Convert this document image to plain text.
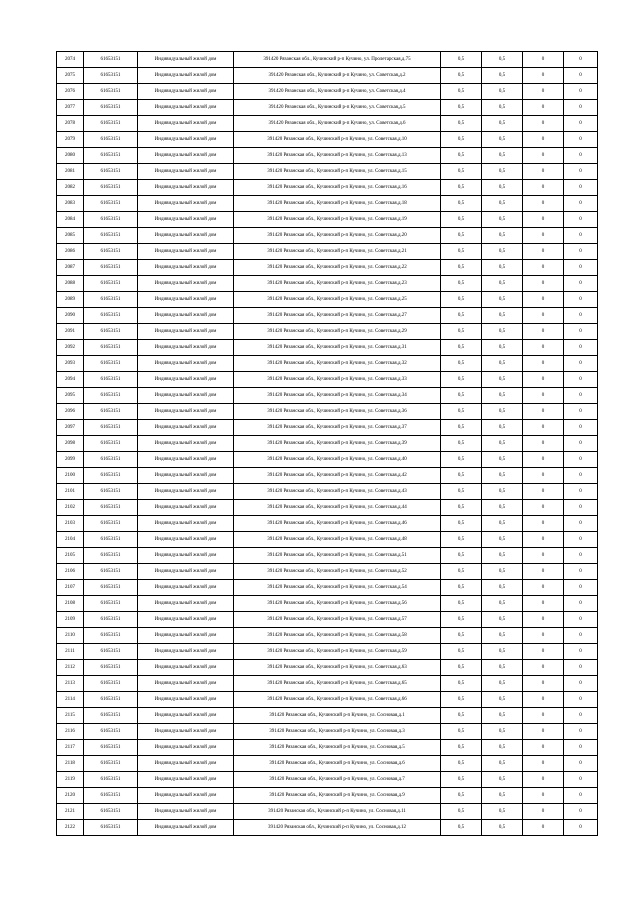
2074	61653151	Индивидуальный жилой дом	391420 Рязанская обл., Кучинский р-п Кучино, ул. Пролетарская,д.75	0,5	0,5	0	0
2075	61653151	Индивидуальный жилой дом	391420 Рязанская обл., Кучинский р-п Кучино, ул. Советская,д.2	0,5	0,5	0	0
2076	61653151	Индивидуальный жилой дом	391420 Рязанская обл., Кучинский р-п Кучино, ул. Советская,д.4	0,5	0,5	0	0
2077	61653151	Индивидуальный жилой дом	391420 Рязанская обл., Кучинский р-п Кучино, ул. Советская,д.5	0,5	0,5	0	0
2078	61653151	Индивидуальный жилой дом	391420 Рязанская обл., Кучинский р-п Кучино, ул. Советская,д.6	0,5	0,5	0	0
2079	61653151	Индивидуальный жилой дом	391420 Рязанская обл., Кучинский р-п Кучино, ул. Советская,д.10	0,5	0,5	0	0
2080	61653151	Индивидуальный жилой дом	391420 Рязанская обл., Кучинский р-п Кучино, ул. Советская,д.13	0,5	0,5	0	0
2081	61653151	Индивидуальный жилой дом	391420 Рязанская обл., Кучинский р-п Кучино, ул. Советская,д.15	0,5	0,5	0	0
2082	61653151	Индивидуальный жилой дом	391420 Рязанская обл., Кучинский р-п Кучино, ул. Советская,д.16	0,5	0,5	0	0
2083	61653151	Индивидуальный жилой дом	391420 Рязанская обл., Кучинский р-п Кучино, ул. Советская,д.18	0,5	0,5	0	0
2084	61653151	Индивидуальный жилой дом	391420 Рязанская обл., Кучинский р-п Кучино, ул. Советская,д.19	0,5	0,5	0	0
2085	61653151	Индивидуальный жилой дом	391420 Рязанская обл., Кучинский р-п Кучино, ул. Советская,д.20	0,5	0,5	0	0
2086	61653151	Индивидуальный жилой дом	391420 Рязанская обл., Кучинский р-п Кучино, ул. Советская,д.21	0,5	0,5	0	0
2087	61653151	Индивидуальный жилой дом	391420 Рязанская обл., Кучинский р-п Кучино, ул. Советская,д.22	0,5	0,5	0	0
2088	61653151	Индивидуальный жилой дом	391420 Рязанская обл., Кучинский р-п Кучино, ул. Советская,д.23	0,5	0,5	0	0
2089	61653151	Индивидуальный жилой дом	391420 Рязанская обл., Кучинский р-п Кучино, ул. Советская,д.25	0,5	0,5	0	0
2090	61653151	Индивидуальный жилой дом	391420 Рязанская обл., Кучинский р-п Кучино, ул. Советская,д.27	0,5	0,5	0	0
2091	61653151	Индивидуальный жилой дом	391420 Рязанская обл., Кучинский р-п Кучино, ул. Советская,д.29	0,5	0,5	0	0
2092	61653151	Индивидуальный жилой дом	391420 Рязанская обл., Кучинский р-п Кучино, ул. Советская,д.31	0,5	0,5	0	0
2093	61653151	Индивидуальный жилой дом	391420 Рязанская обл., Кучинский р-п Кучино, ул. Советская,д.32	0,5	0,5	0	0
2094	61653151	Индивидуальный жилой дом	391420 Рязанская обл., Кучинский р-п Кучино, ул. Советская,д.33	0,5	0,5	0	0
2095	61653151	Индивидуальный жилой дом	391420 Рязанская обл., Кучинский р-п Кучино, ул. Советская,д.34	0,5	0,5	0	0
2096	61653151	Индивидуальный жилой дом	391420 Рязанская обл., Кучинский р-п Кучино, ул. Советская,д.36	0,5	0,5	0	0
2097	61653151	Индивидуальный жилой дом	391420 Рязанская обл., Кучинский р-п Кучино, ул. Советская,д.37	0,5	0,5	0	0
2098	61653151	Индивидуальный жилой дом	391420 Рязанская обл., Кучинский р-п Кучино, ул. Советская,д.39	0,5	0,5	0	0
2099	61653151	Индивидуальный жилой дом	391420 Рязанская обл., Кучинский р-п Кучино, ул. Советская,д.40	0,5	0,5	0	0
2100	61653151	Индивидуальный жилой дом	391420 Рязанская обл., Кучинский р-п Кучино, ул. Советская,д.42	0,5	0,5	0	0
2101	61653151	Индивидуальный жилой дом	391420 Рязанская обл., Кучинский р-п Кучино, ул. Советская,д.43	0,5	0,5	0	0
2102	61653151	Индивидуальный жилой дом	391420 Рязанская обл., Кучинский р-п Кучино, ул. Советская,д.44	0,5	0,5	0	0
2103	61653151	Индивидуальный жилой дом	391420 Рязанская обл., Кучинский р-п Кучино, ул. Советская,д.46	0,5	0,5	0	0
2104	61653151	Индивидуальный жилой дом	391420 Рязанская обл., Кучинский р-п Кучино, ул. Советская,д.48	0,5	0,5	0	0
2105	61653151	Индивидуальный жилой дом	391420 Рязанская обл., Кучинский р-п Кучино, ул. Советская,д.51	0,5	0,5	0	0
2106	61653151	Индивидуальный жилой дом	391420 Рязанская обл., Кучинский р-п Кучино, ул. Советская,д.52	0,5	0,5	0	0
2107	61653151	Индивидуальный жилой дом	391420 Рязанская обл., Кучинский р-п Кучино, ул. Советская,д.54	0,5	0,5	0	0
2108	61653151	Индивидуальный жилой дом	391420 Рязанская обл., Кучинский р-п Кучино, ул. Советская,д.56	0,5	0,5	0	0
2109	61653151	Индивидуальный жилой дом	391420 Рязанская обл., Кучинский р-п Кучино, ул. Советская,д.57	0,5	0,5	0	0
2110	61653151	Индивидуальный жилой дом	391420 Рязанская обл., Кучинский р-п Кучино, ул. Советская,д.58	0,5	0,5	0	0
2111	61653151	Индивидуальный жилой дом	391420 Рязанская обл., Кучинский р-п Кучино, ул. Советская,д.59	0,5	0,5	0	0
2112	61653151	Индивидуальный жилой дом	391420 Рязанская обл., Кучинский р-п Кучино, ул. Советская,д.63	0,5	0,5	0	0
2113	61653151	Индивидуальный жилой дом	391420 Рязанская обл., Кучинский р-п Кучино, ул. Советская,д.65	0,5	0,5	0	0
2114	61653151	Индивидуальный жилой дом	391420 Рязанская обл., Кучинский р-п Кучино, ул. Советская,д.66	0,5	0,5	0	0
2115	61653151	Индивидуальный жилой дом	391420 Рязанская обл., Кучинский р-п Кучино, ул. Сосновая,д.1	0,5	0,5	0	0
2116	61653151	Индивидуальный жилой дом	391420 Рязанская обл., Кучинский р-п Кучино, ул. Сосновая,д.3	0,5	0,5	0	0
2117	61653151	Индивидуальный жилой дом	391420 Рязанская обл., Кучинский р-п Кучино, ул. Сосновая,д.5	0,5	0,5	0	0
2118	61653151	Индивидуальный жилой дом	391420 Рязанская обл., Кучинский р-п Кучино, ул. Сосновая,д.6	0,5	0,5	0	0
2119	61653151	Индивидуальный жилой дом	391420 Рязанская обл., Кучинский р-п Кучино, ул. Сосновая,д.7	0,5	0,5	0	0
2120	61653151	Индивидуальный жилой дом	391420 Рязанская обл., Кучинский р-п Кучино, ул. Сосновая,д.9	0,5	0,5	0	0
2121	61653151	Индивидуальный жилой дом	391420 Рязанская обл., Кучинский р-п Кучино, ул. Сосновая,д.11	0,5	0,5	0	0
2122	61653151	Индивидуальный жилой дом	391420 Рязанская обл., Кучинский р-п Кучино, ул. Сосновая,д.12	0,5	0,5	0	0
